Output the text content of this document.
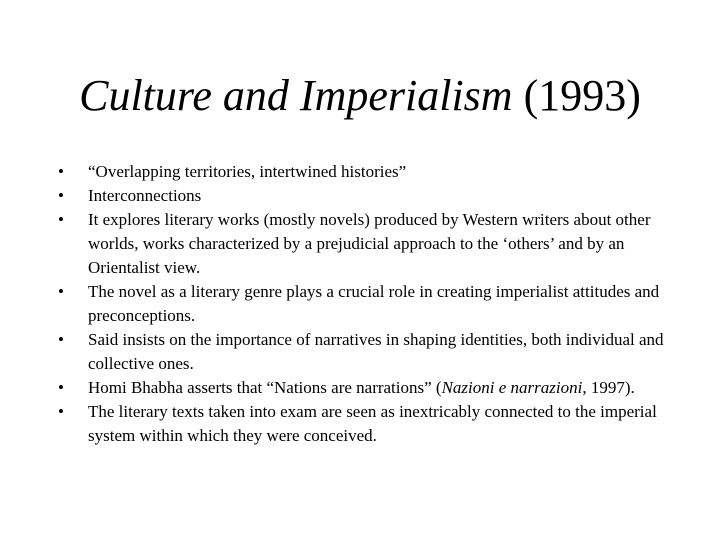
Culture and Imperialism (1993)
•	“Overlapping territories, intertwined histories”
•	Interconnections
•	It explores literary works (mostly novels) produced by Western writers about other worlds, works characterized by a prejudicial approach to the ‘others’ and by an Orientalist view.
•	The novel as a literary genre plays a crucial role in creating imperialist attitudes and preconceptions.
•	Said insists on the importance of narratives in shaping identities, both individual and collective ones.
•	Homi Bhabha asserts that “Nations are narrations” (Nazioni e narrazioni, 1997).
•	The literary texts taken into exam are seen as inextricably connected to the imperial system within which they were conceived.
